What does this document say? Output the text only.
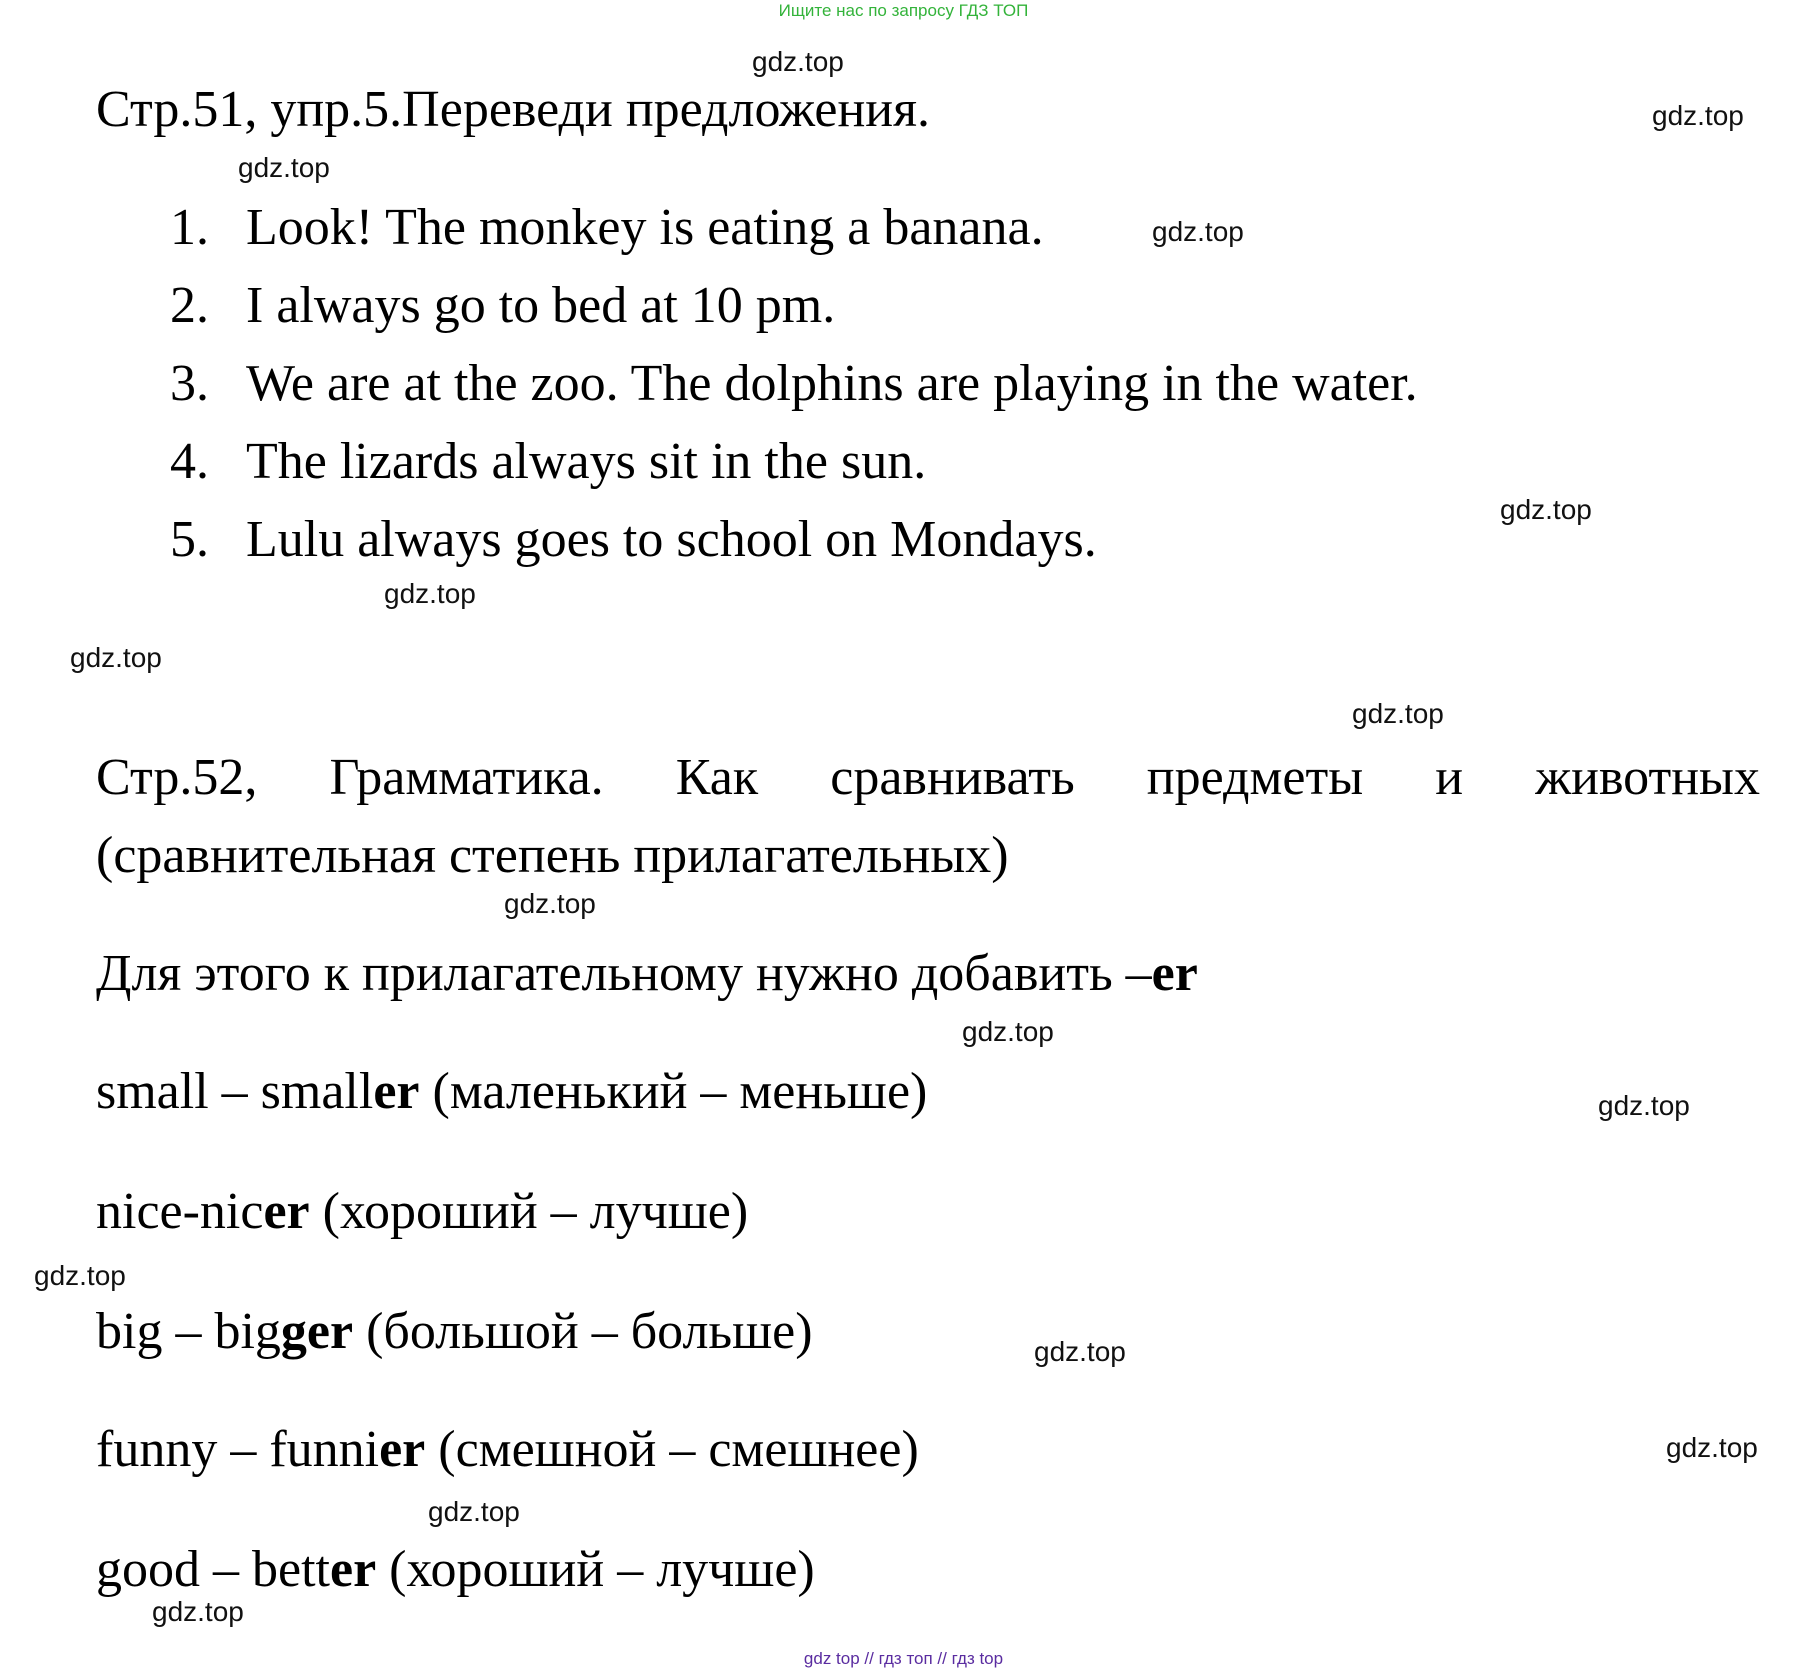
Ищите нас по запросу ГДЗ ТОП
Стр.51, упр.5.Переведи предложения.
1. Look! The monkey is eating a banana.
2. I always go to bed at 10 pm.
3. We are at the zoo. The dolphins are playing in the water.
4. The lizards always sit in the sun.
5. Lulu always goes to school on Mondays.
Стр.52, Грамматика. Как сравнивать предметы и животных
(сравнительная степень прилагательных)
Для этого к прилагательному нужно добавить –er
small – smaller (маленький – меньше)
nice-nicer (хороший – лучше)
big – bigger (большой – больше)
funny – funnier (смешной – смешнее)
good – better (хороший – лучше)
gdz.top
gdz.top
gdz.top
gdz.top
gdz.top
gdz.top
gdz.top
gdz.top
gdz.top
gdz.top
gdz.top
gdz.top
gdz.top
gdz.top
gdz.top
gdz.top
gdz top // гдз топ // гдз top
